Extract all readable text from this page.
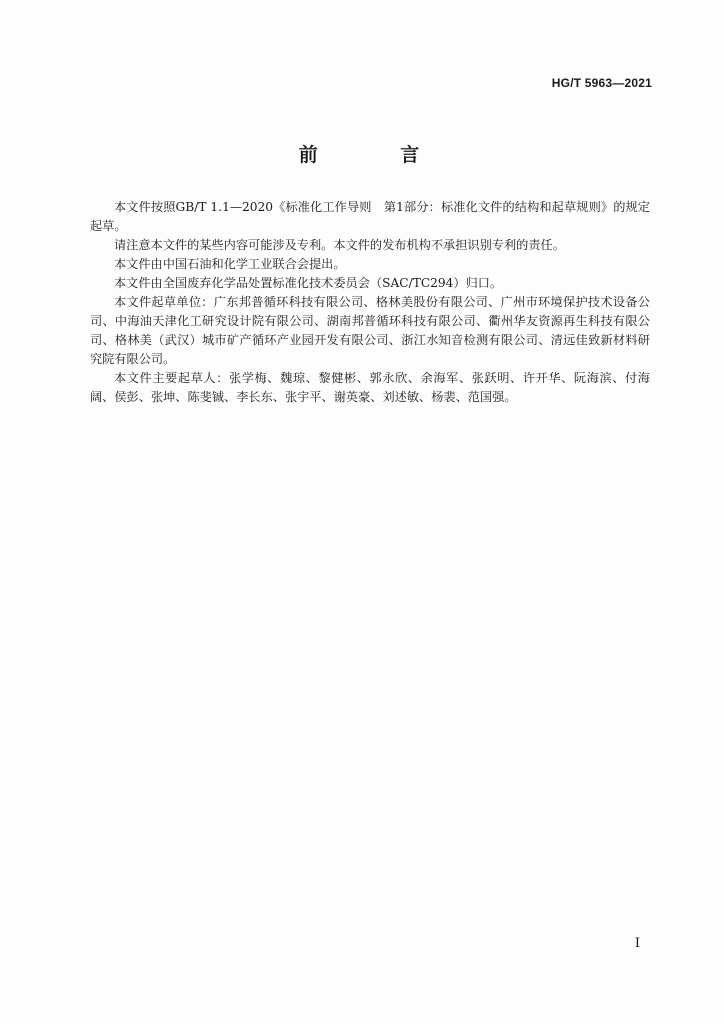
HG/T 5963—2021
前 言

本文件按照GB/T 1.1—2020《标准化工作导则　第1部分：标准化文件的结构和起草规则》的规定起草。

请注意本文件的某些内容可能涉及专利。本文件的发布机构不承担识别专利的责任。

本文件由中国石油和化学工业联合会提出。

本文件由全国废弃化学品处置标准化技术委员会（SAC/TC294）归口。

本文件起草单位：广东邦普循环科技有限公司、格林美股份有限公司、广州市环境保护技术设备公司、中海油天津化工研究设计院有限公司、湖南邦普循环科技有限公司、衢州华友资源再生科技有限公司、格林美（武汉）城市矿产循环产业园开发有限公司、浙江水知音检测有限公司、清远佳致新材料研究院有限公司。

本文件主要起草人：张学梅、魏琼、黎健彬、郭永欣、余海军、张跃明、许开华、阮海滨、付海阔、侯彭、张坤、陈斐铖、李长东、张宇平、谢英豪、刘述敏、杨裴、范国强。

I
